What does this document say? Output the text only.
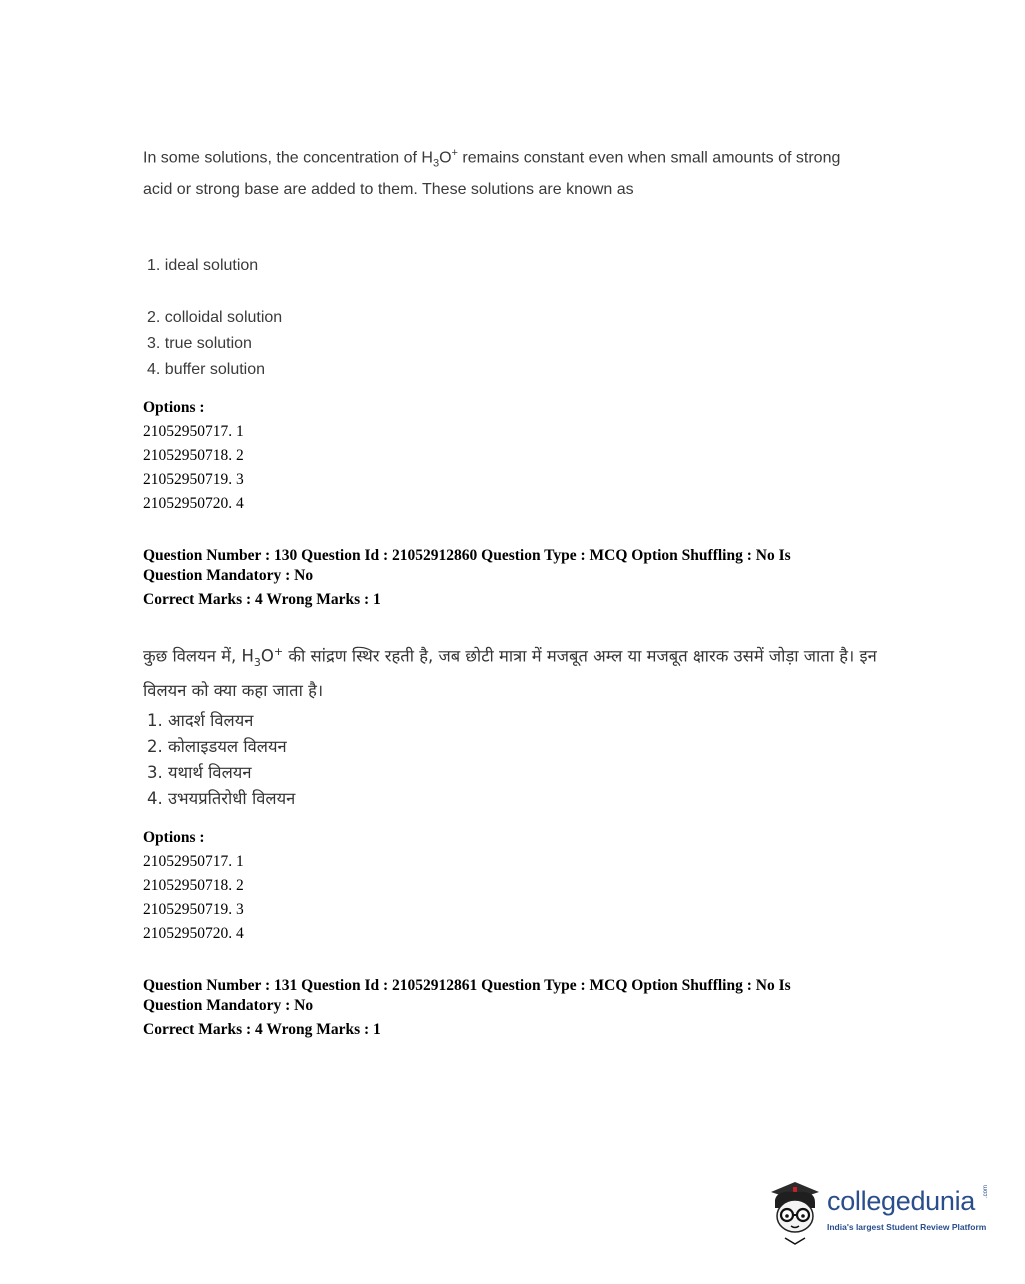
In some solutions, the concentration of $H_3O^+$ remains constant even when small amounts of strong acid or strong base are added to them. These solutions are known as
1. ideal solution
2. colloidal solution
3. true solution
4. buffer solution
Options :
21052950717. 1
21052950718. 2
21052950719. 3
21052950720. 4
Question Number : 130 Question Id : 21052912860 Question Type : MCQ Option Shuffling : No Is
Question Mandatory : No
Correct Marks : 4 Wrong Marks : 1
कुछ विलयन में, $H_3O^+$ की सांद्रण स्थिर रहती है, जब छोटी मात्रा में मजबूत अम्ल या मजबूत क्षारक उसमें जोड़ा जाता है। इन विलयन को क्या कहा जाता है।
1. आदर्श विलयन
2. कोलाइडयल विलयन
3. यथार्थ विलयन
4. उभयप्रतिरोधी विलयन
Options :
21052950717. 1
21052950718. 2
21052950719. 3
21052950720. 4
Question Number : 131 Question Id : 21052912861 Question Type : MCQ Option Shuffling : No Is
Question Mandatory : No
Correct Marks : 4 Wrong Marks : 1
collegedunia .com
India's largest Student Review Platform
